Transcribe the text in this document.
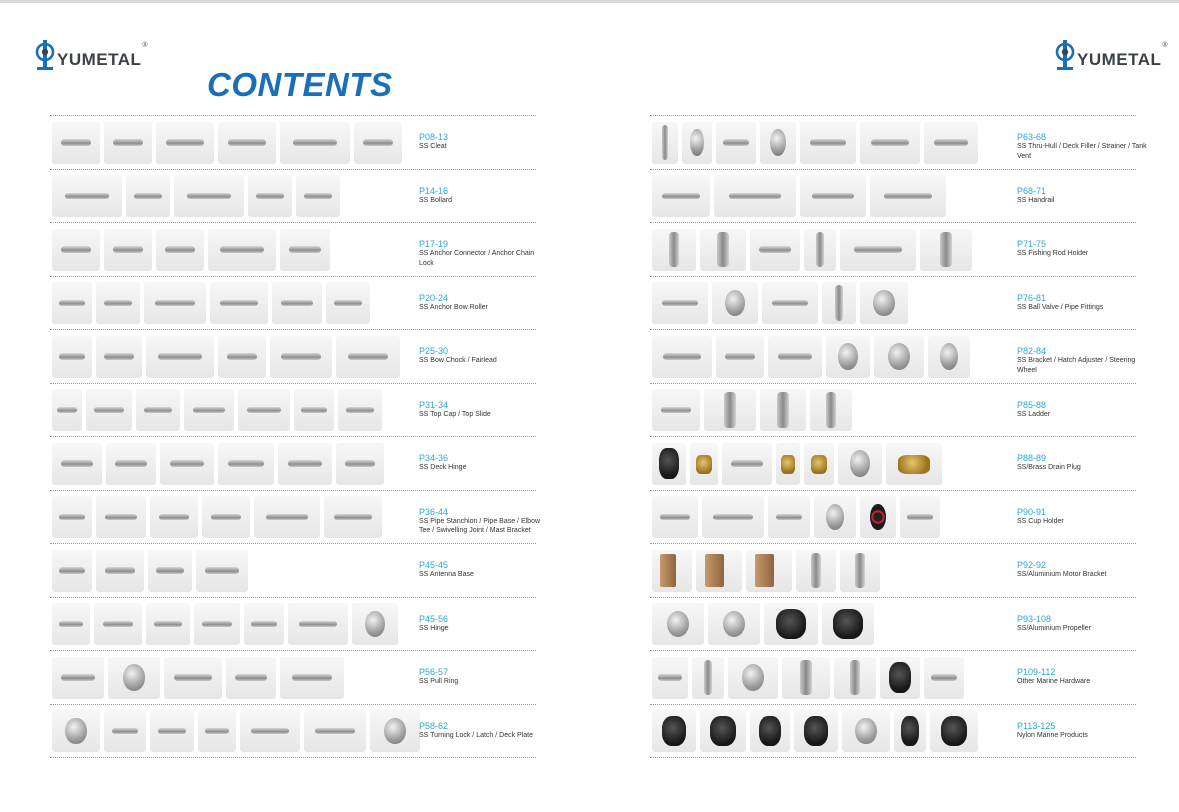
YUMETAL
®
YUMETAL
®
CONTENTS
P08-13
SS Cleat
P14-16
SS Bollard
P17-19
SS Anchor Connector / Anchor Chain Lock
P20-24
SS Anchor Bow Roller
P25-30
SS Bow Chock / Fairlead
P31-34
SS Top Cap / Top Slide
P34-36
SS Deck Hinge
P36-44
SS Pipe Stanchion / Pipe Base / Elbow Tee / Swivelling Joint / Mast Bracket
P45-45
SS Antenna Base
P45-56
SS Hinge
P56-57
SS Pull Ring
P58-62
SS Turning Lock / Latch / Deck Plate
P63-68
SS Thru-Hull / Deck Filler / Strainer / Tank Vent
P68-71
SS Handrail
P71-75
SS Fishing Rod Holder
P76-81
SS Ball Valve / Pipe Fittings
P82-84
SS Bracket / Hatch Adjuster / Steering Wheel
P85-88
SS Ladder
P88-89
SS/Brass Drain Plug
P90-91
SS Cup Holder
P92-92
SS/Aluminium Motor Bracket
P93-108
SS/Aluminium Propeller
P109-112
Other Marine Hardware
P113-125
Nylon Marine Products
